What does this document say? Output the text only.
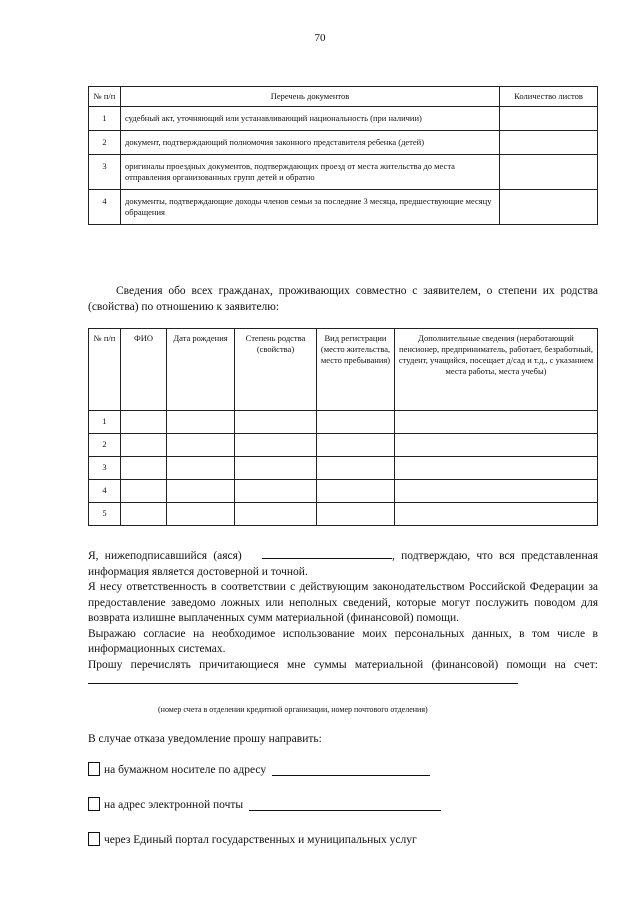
70
№ п/п	Перечень документов	Количество листов
1	судебный акт, уточняющий или устанавливающий национальность (при наличии)	
2	документ, подтверждающий полномочия законного представителя ребенка (детей)	
3	оригиналы проездных документов, подтверждающих проезд от места жительства до места отправления организованных групп детей и обратно	
4	документы, подтверждающие доходы членов семьи за последние 3 месяца, предшествующие месяцу обращения	

Сведения обо всех гражданах, проживающих совместно с заявителем, о степени их родства (свойства) по отношению к заявителю:

№ п/п	ФИО	Дата рождения	Степень родства (свойства)	Вид регистрации (место жительства, место пребывания)	Дополнительные сведения (неработающий пенсионер, предприниматель, работает, безработный, студент, учащийся, посещает д/сад и т.д., с указанием места работы, места учебы)
1					
2					
3					
4					
5					

Я, нижеподписавшийся (аяся)	, подтверждаю, что вся представленная информация является достоверной и точной.

Я несу ответственность в соответствии с действующим законодательством Российской Федерации за предоставление заведомо ложных или неполных сведений, которые могут послужить поводом для возврата излишне выплаченных сумм материальной (финансовой) помощи.

Выражаю согласие на необходимое использование моих персональных данных, в том числе в информационных системах.

Прошу перечислять причитающиеся мне суммы материальной (финансовой) помощи на счет:

(номер счета в отделении кредитной организации, номер почтового отделения)
В случае отказа уведомление прошу направить:
на бумажном носителе по адресу
на адрес электронной почты
через Единый портал государственных и муниципальных услуг
